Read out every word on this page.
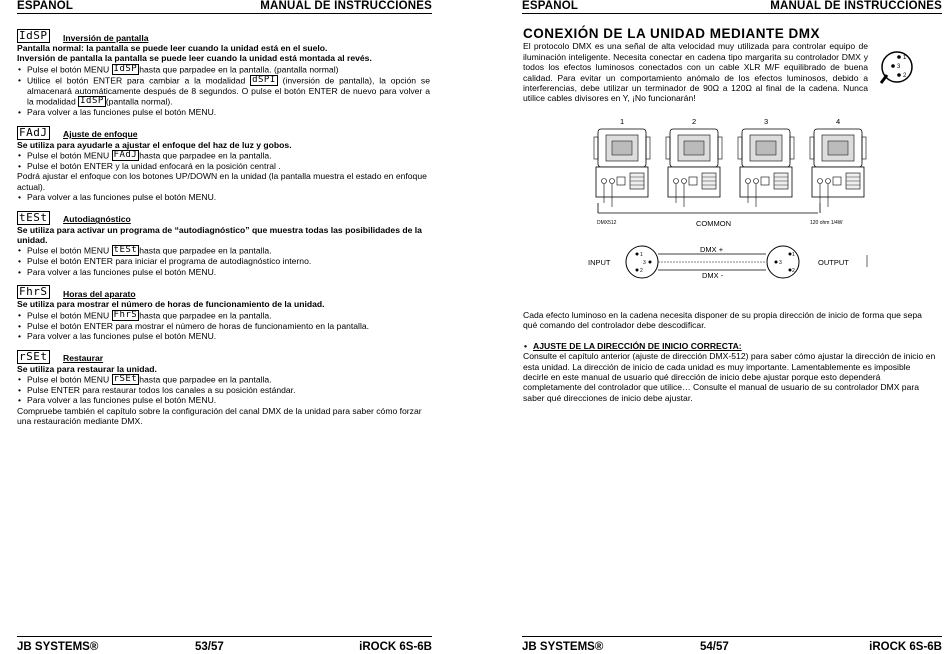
ESPAÑOL	MANUAL DE INSTRUCCIONES
JB SYSTEMS®	53/57	iROCK 6S-6B
IdSP Inversión de pantalla
Pantalla normal: la pantalla se puede leer cuando la unidad está en el suelo.
Inversión de pantalla la pantalla se puede leer cuando la unidad está montada al revés.
• Pulse el botón MENU IdSP hasta que parpadee en la pantalla. (pantalla normal)
• Utilice el botón ENTER para cambiar a la modalidad dSPI (inversión de pantalla), la opción se almacenará automáticamente después de 8 segundos. O pulse el botón ENTER de nuevo para volver a la modalidad IdSP (pantalla normal).
• Para volver a las funciones pulse el botón MENU.
FAdJ Ajuste de enfoque
Se utiliza para ayudarle a ajustar el enfoque del haz de luz y gobos.
• Pulse el botón MENU FAdJ hasta que parpadee en la pantalla.
• Pulse el botón ENTER y la unidad enfocará en la posición central .
Podrá ajustar el enfoque con los botones UP/DOWN en la unidad (la pantalla muestra el estado en enfoque actual).
• Para volver a las funciones pulse el botón MENU.
tESt Autodiagnóstico
Se utiliza para activar un programa de “autodiagnóstico” que muestra todas las posibilidades de la unidad.
• Pulse el botón MENU tESt hasta que parpadee en la pantalla.
• Pulse el botón ENTER para iniciar el programa de autodiagnóstico interno.
• Para volver a las funciones pulse el botón MENU.
FhrS Horas del aparato
Se utiliza para mostrar el número de horas de funcionamiento de la unidad.
• Pulse el botón MENU FhrS hasta que parpadee en la pantalla.
• Pulse el botón ENTER para mostrar el número de horas de funcionamiento en la pantalla.
• Para volver a las funciones pulse el botón MENU.
rSEt Restaurar
Se utiliza para restaurar la unidad.
• Pulse el botón MENU rSEt hasta que parpadee en la pantalla.
• Pulse ENTER para restaurar todos los canales a su posición estándar.
• Para volver a las funciones pulse el botón MENU.
Compruebe también el capítulo sobre la configuración del canal DMX de la unidad para saber cómo forzar una restauración mediante DMX.
ESPAÑOL	MANUAL DE INSTRUCCIONES
JB SYSTEMS®	54/57	iROCK 6S-6B
CONEXIÓN DE LA UNIDAD MEDIANTE DMX
El protocolo DMX es una señal de alta velocidad muy utilizada para controlar equipo de iluminación inteligente. Necesita conectar en cadena tipo margarita su controlador DMX y todos los efectos luminosos conectados con un cable XLR M/F equilibrado de buena calidad. Para evitar un comportamiento anómalo de los efectos luminosos, debido a interferencias, debe utilizar un terminador de 90Ω a 120Ω al final de la cadena. Nunca utilice cables divisores en Y, ¡No funcionarán!
1
3
2
1	2	3	4
DMX512	COMMON	120 ohm 1/4W
INPUT	OUTPUT
1
2
3
1
2
3
DMX +
DMX -
Cada efecto luminoso en la cadena necesita disponer de su propia dirección de inicio de forma que sepa qué comando del controlador debe descodificar.
• AJUSTE DE LA DIRECCIÓN DE INICIO CORRECTA:
Consulte el capítulo anterior (ajuste de dirección DMX-512) para saber cómo ajustar la dirección de inicio en esta unidad. La dirección de inicio de cada unidad es muy importante. Lamentablemente es imposible decirle en este manual de usuario qué dirección de inicio debe ajustar porque esto dependerá completamente del controlador que utilice… Consulte el manual de usuario de su controlador DMX para saber qué direcciones de inicio debe ajustar.
